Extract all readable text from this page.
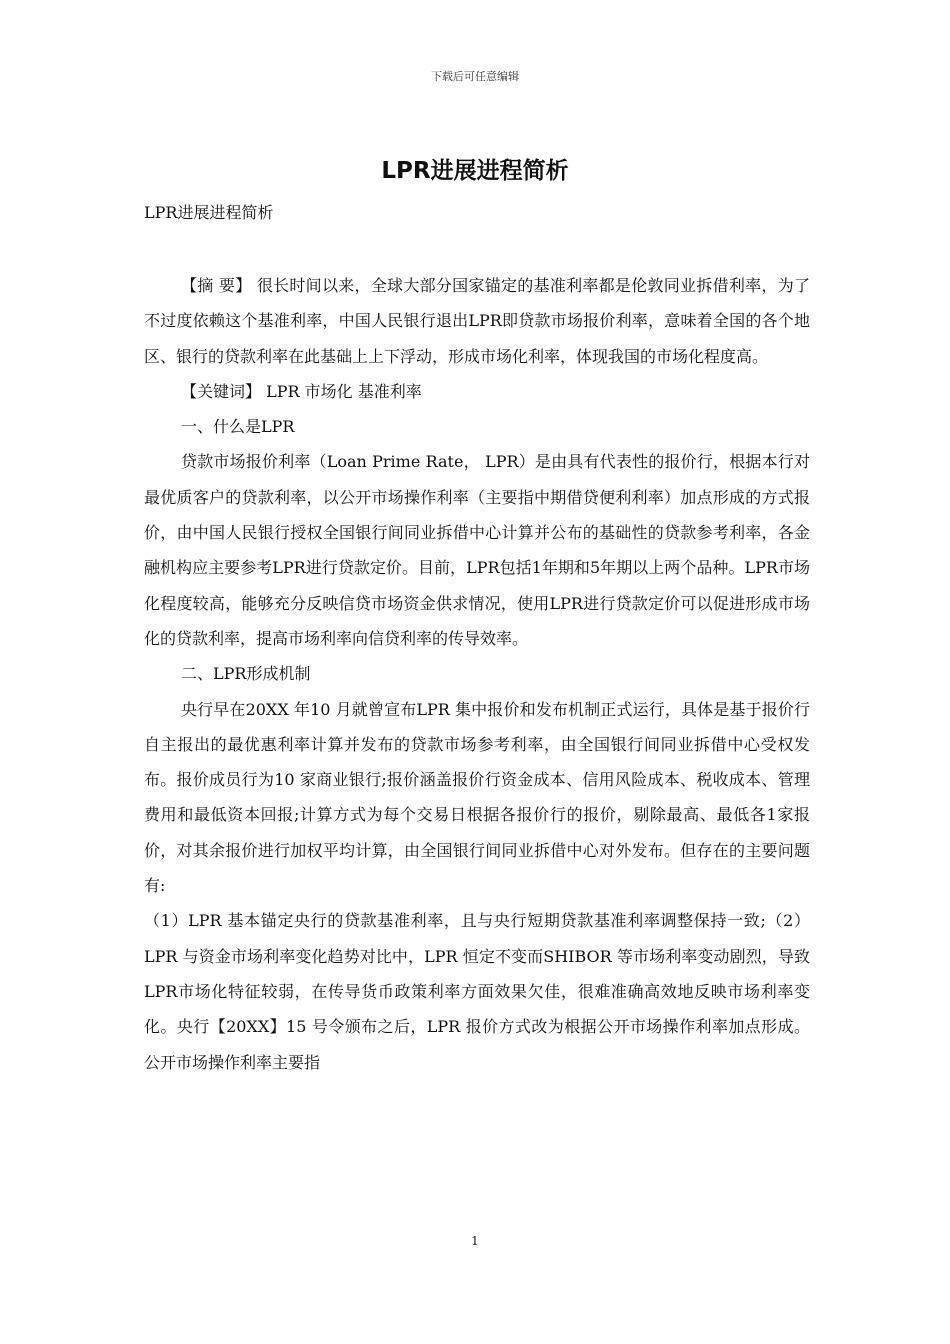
下载后可任意编辑
LPR进展进程简析

LPR进展进程简析

【摘 要】 很长时间以来，全球大部分国家锚定的基准利率都是伦敦同业拆借利率，为了不过度依赖这个基准利率，中国人民银行退出LPR即贷款市场报价利率，意味着全国的各个地区、银行的贷款利率在此基础上上下浮动，形成市场化利率，体现我国的市场化程度高。

【关键词】 LPR 市场化 基准利率

一、什么是LPR

贷款市场报价利率（Loan Prime Rate， LPR）是由具有代表性的报价行，根据本行对最优质客户的贷款利率，以公开市场操作利率（主要指中期借贷便利利率）加点形成的方式报价，由中国人民银行授权全国银行间同业拆借中心计算并公布的基础性的贷款参考利率，各金融机构应主要参考LPR进行贷款定价。目前，LPR包括1年期和5年期以上两个品种。LPR市场化程度较高，能够充分反映信贷市场资金供求情况，使用LPR进行贷款定价可以促进形成市场化的贷款利率，提高市场利率向信贷利率的传导效率。

二、LPR形成机制

央行早在20XX 年10 月就曾宣布LPR 集中报价和发布机制正式运行，具体是基于报价行自主报出的最优惠利率计算并发布的贷款市场参考利率，由全国银行间同业拆借中心受权发布。报价成员行为10 家商业银行;报价涵盖报价行资金成本、信用风险成本、税收成本、管理费用和最低资本回报;计算方式为每个交易日根据各报价行的报价，剔除最高、最低各1家报价，对其余报价进行加权平均计算，由全国银行间同业拆借中心对外发布。但存在的主要问题有:

（1）LPR 基本锚定央行的贷款基准利率，且与央行短期贷款基准利率调整保持一致;（2）LPR 与资金市场利率变化趋势对比中，LPR 恒定不变而SHIBOR 等市场利率变动剧烈，导致LPR市场化特征较弱，在传导货币政策利率方面效果欠佳，很难准确高效地反映市场利率变化。央行【20XX】15 号令颁布之后，LPR 报价方式改为根据公开市场操作利率加点形成。公开市场操作利率主要指

1
